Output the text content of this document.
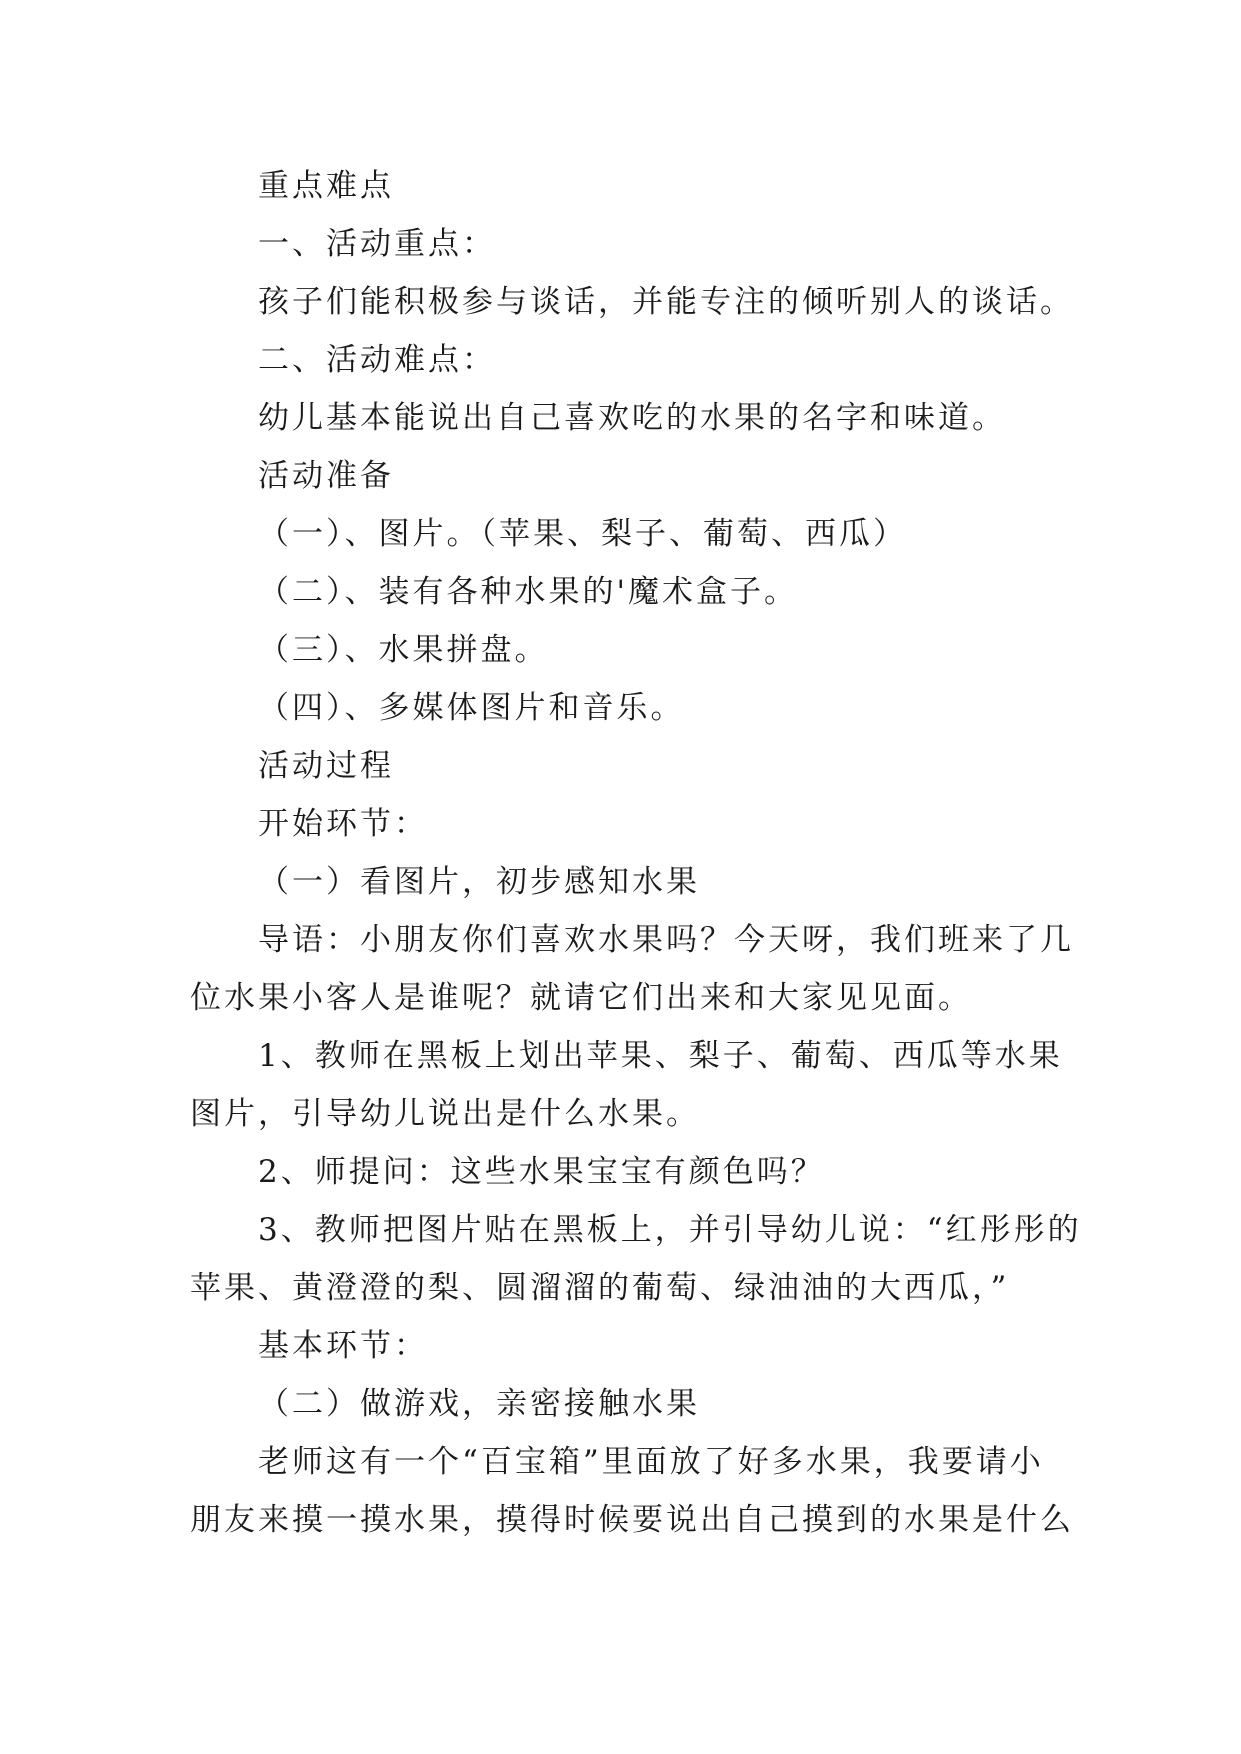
重点难点
一、活动重点：
孩子们能积极参与谈话，并能专注的倾听别人的谈话。
二、活动难点：
幼儿基本能说出自己喜欢吃的水果的名字和味道。
活动准备
（一）、图片。（苹果、梨子、葡萄、西瓜）
（二）、装有各种水果的'魔术盒子。
（三）、水果拼盘。
（四）、多媒体图片和音乐。
活动过程
开始环节：
（一）看图片，初步感知水果
导语：小朋友你们喜欢水果吗？今天呀，我们班来了几
位水果小客人是谁呢？就请它们出来和大家见见面。
1、教师在黑板上划出苹果、梨子、葡萄、西瓜等水果
图片，引导幼儿说出是什么水果。
2、师提问：这些水果宝宝有颜色吗？
3、教师把图片贴在黑板上，并引导幼儿说：“红彤彤的
苹果、黄澄澄的梨、圆溜溜的葡萄、绿油油的大西瓜，”
基本环节：
（二）做游戏，亲密接触水果
老师这有一个“百宝箱”里面放了好多水果，我要请小
朋友来摸一摸水果，摸得时候要说出自己摸到的水果是什么
